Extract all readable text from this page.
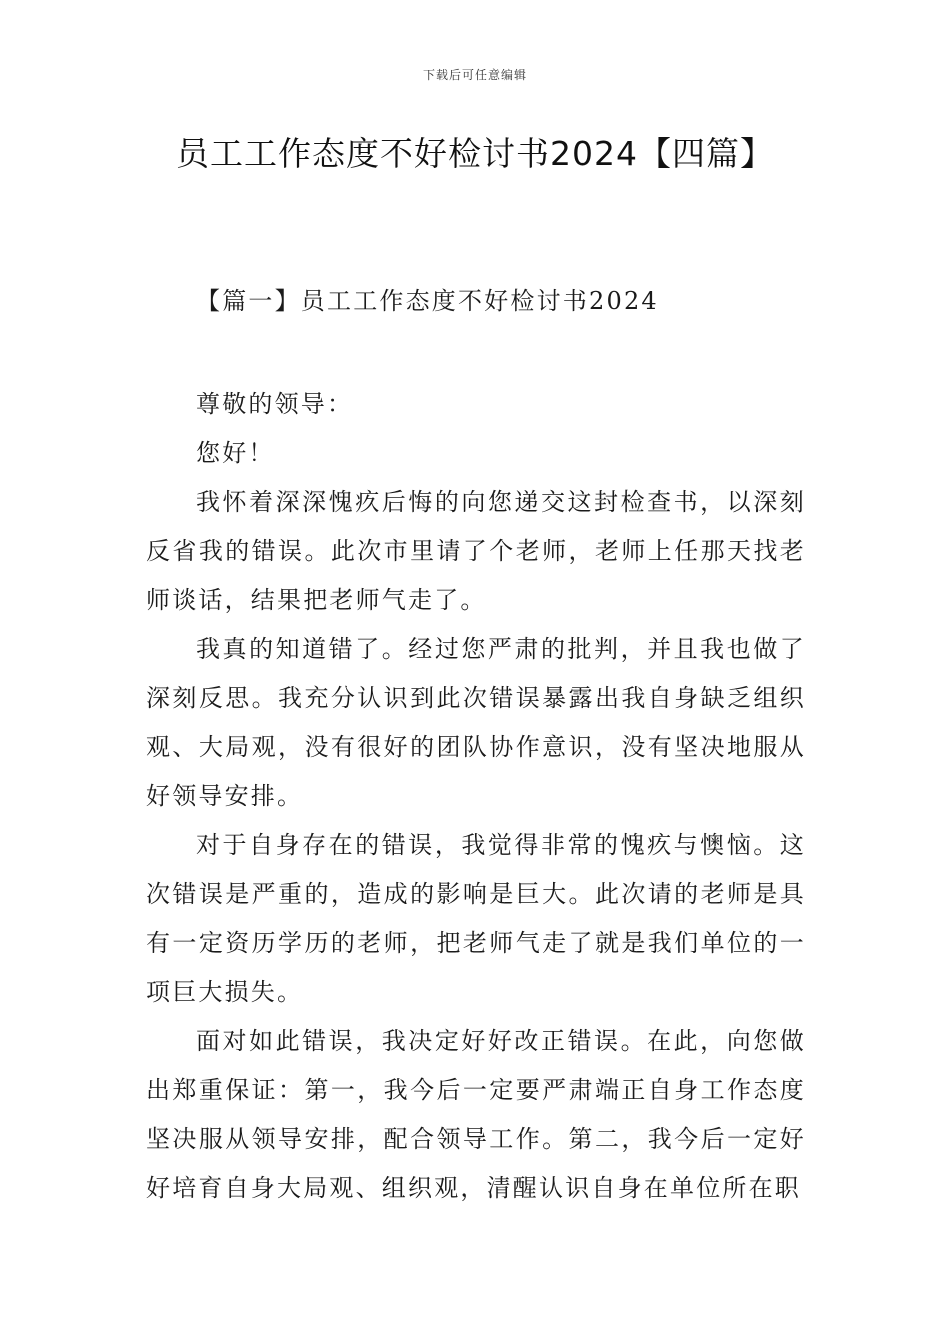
下载后可任意编辑
员工工作态度不好检讨书2024【四篇】
【篇一】员工工作态度不好检讨书2024

尊敬的领导：

您好！

我怀着深深愧疚后悔的向您递交这封检查书，以深刻反省我的错误。此次市里请了个老师，老师上任那天找老师谈话，结果把老师气走了。

我真的知道错了。经过您严肃的批判，并且我也做了深刻反思。我充分认识到此次错误暴露出我自身缺乏组织观、大局观，没有很好的团队协作意识，没有坚决地服从好领导安排。

对于自身存在的错误，我觉得非常的愧疚与懊恼。这次错误是严重的，造成的影响是巨大。此次请的老师是具有一定资历学历的老师，把老师气走了就是我们单位的一项巨大损失。

面对如此错误，我决定好好改正错误。在此，向您做出郑重保证：第一，我今后一定要严肃端正自身工作态度坚决服从领导安排，配合领导工作。第二，我今后一定好好培育自身大局观、组织观，清醒认识自身在单位所在职
